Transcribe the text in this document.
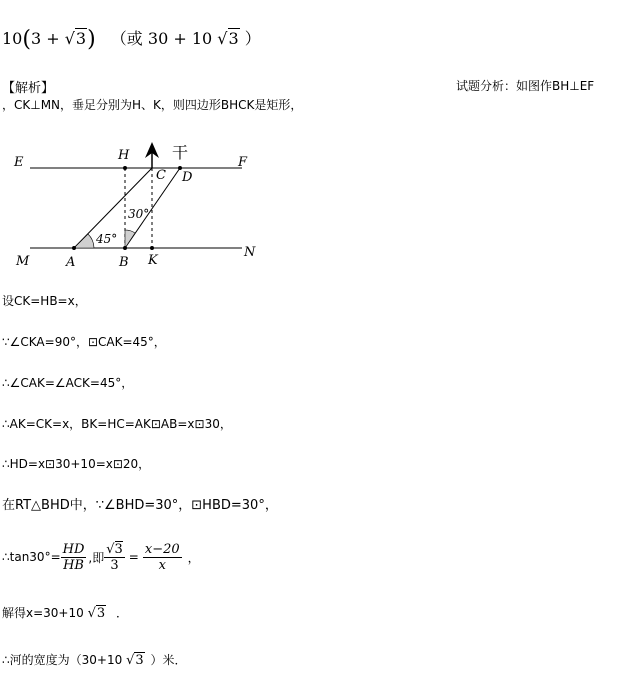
10(3 + √3) （或 30 + 10 √3 ）
【解析】	试题分析：如图作BH⊥EF
，CK⊥MN，垂足分别为H、K，则四边形BHCK是矩形，
E	H	F
C D
干
M	A	B K
N
45°
30°
设CK=HB=x，
∵∠CKA=90°，⊡CAK=45°，
∴∠CAK=∠ACK=45°，
∴AK=CK=x，BK=HC=AK⊡AB=x⊡30，
∴HD=x⊡30+10=x⊡20，
在RT△BHD中，∵∠BHD=30°，⊡HBD=30°，
∴tan30°= $\frac{HD}{HB}$ ,即 $\frac{√3}{3} = \frac{x-20}{x}$ ，
解得x=30+10 √3 ．
∴河的宽度为（30+10 √3 ）米．
